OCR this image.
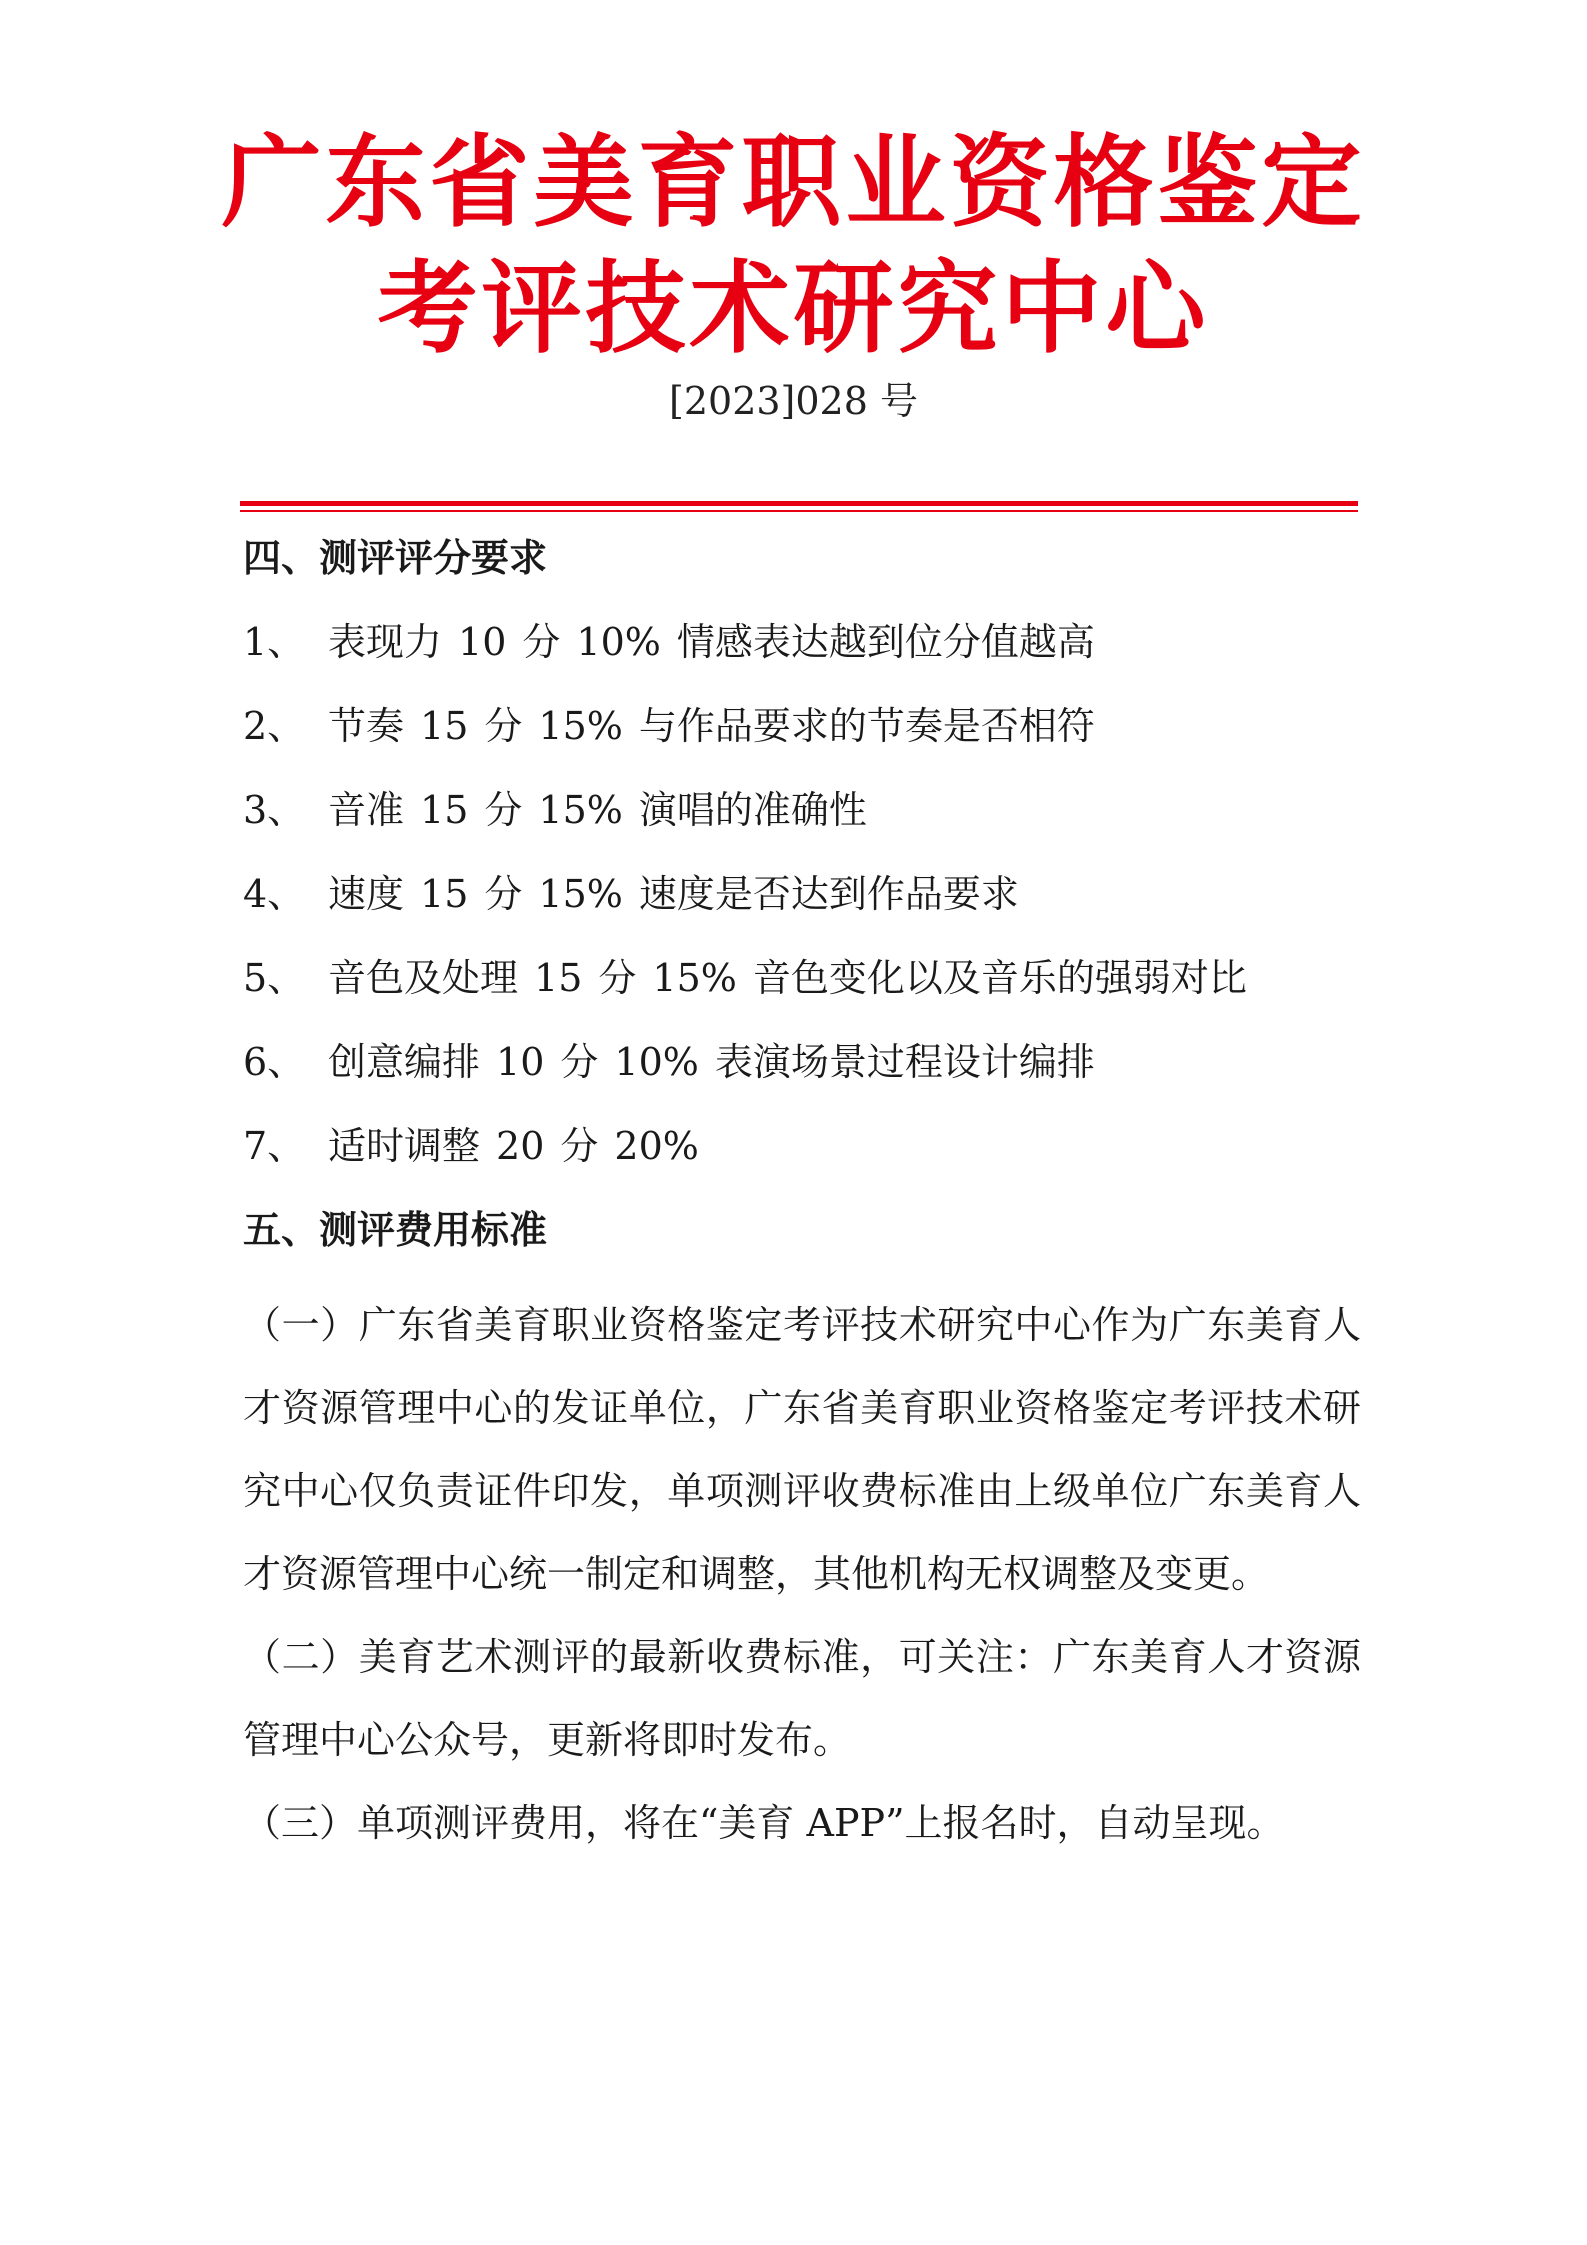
广东省美育职业资格鉴定
考评技术研究中心
[2023]028 号
四、测评评分要求
1、 表现力 10 分 10% 情感表达越到位分值越高
2、 节奏 15 分 15% 与作品要求的节奏是否相符
3、 音准 15 分 15% 演唱的准确性
4、 速度 15 分 15% 速度是否达到作品要求
5、 音色及处理 15 分 15% 音色变化以及音乐的强弱对比
6、 创意编排 10 分 10% 表演场景过程设计编排
7、 适时调整 20 分 20%
五、测评费用标准

（一）广东省美育职业资格鉴定考评技术研究中心作为广东美育人才资源管理中心的发证单位，广东省美育职业资格鉴定考评技术研究中心仅负责证件印发，单项测评收费标准由上级单位广东美育人才资源管理中心统一制定和调整，其他机构无权调整及变更。

（二）美育艺术测评的最新收费标准，可关注：广东美育人才资源管理中心公众号，更新将即时发布。

（三）单项测评费用，将在“美育 APP”上报名时，自动呈现。
